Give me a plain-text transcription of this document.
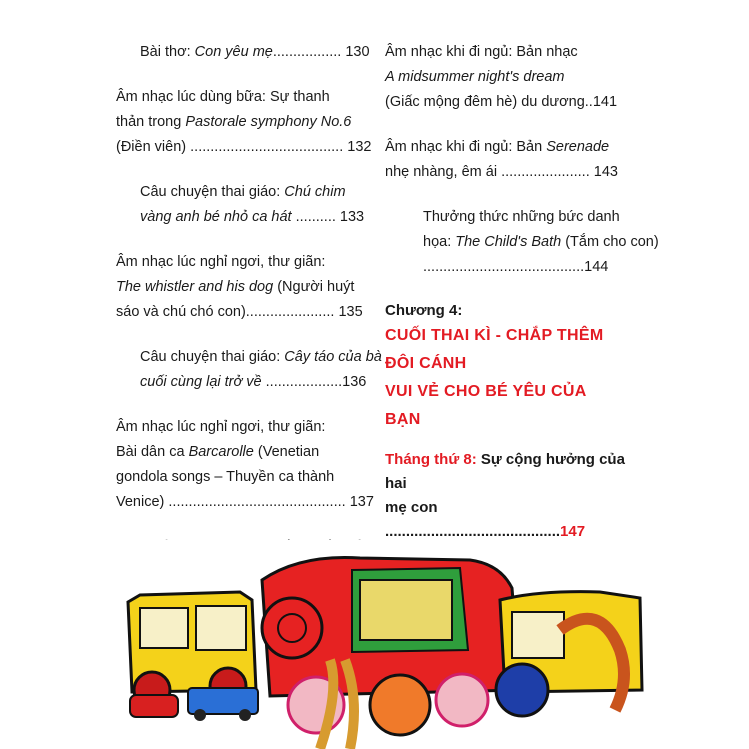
Bài thơ: Con yêu mẹ................. 130
Âm nhạc lúc dùng bữa: Sự thanh
thản trong Pastorale symphony No.6
(Điền viên) ...................................... 132
Câu chuyện thai giáo: Chú chim
vàng anh bé nhỏ ca hát .......... 133
Âm nhạc lúc nghỉ ngơi, thư giãn:
The whistler and his dog (Người huýt
sáo và chú chó con)...................... 135
Câu chuyện thai giáo: Cây táo của bà
cuối cùng lại trở về ...................136
Âm nhạc lúc nghỉ ngơi, thư giãn:
Bài dân ca Barcarolle (Venetian
gondola songs – Thuyền ca thành
Venice) ............................................ 137
Âm nhạc khi đi ngủ: Bản nhạc
A midsummer night's dream
(Giấc mộng đêm hè) du dương..141
Âm nhạc khi đi ngủ: Bản Serenade
nhẹ nhàng, êm ái ...................... 143
Thưởng thức những bức danh
họa: The Child's Bath (Tắm cho con)
........................................144
Chương 4:
CUỐI THAI KÌ - CHẮP THÊM ĐÔI CÁNH
VUI VẺ CHO BÉ YÊU CỦA BẠN
Tháng thứ 8: Sự cộng hưởng của hai
mẹ con ..........................................147
